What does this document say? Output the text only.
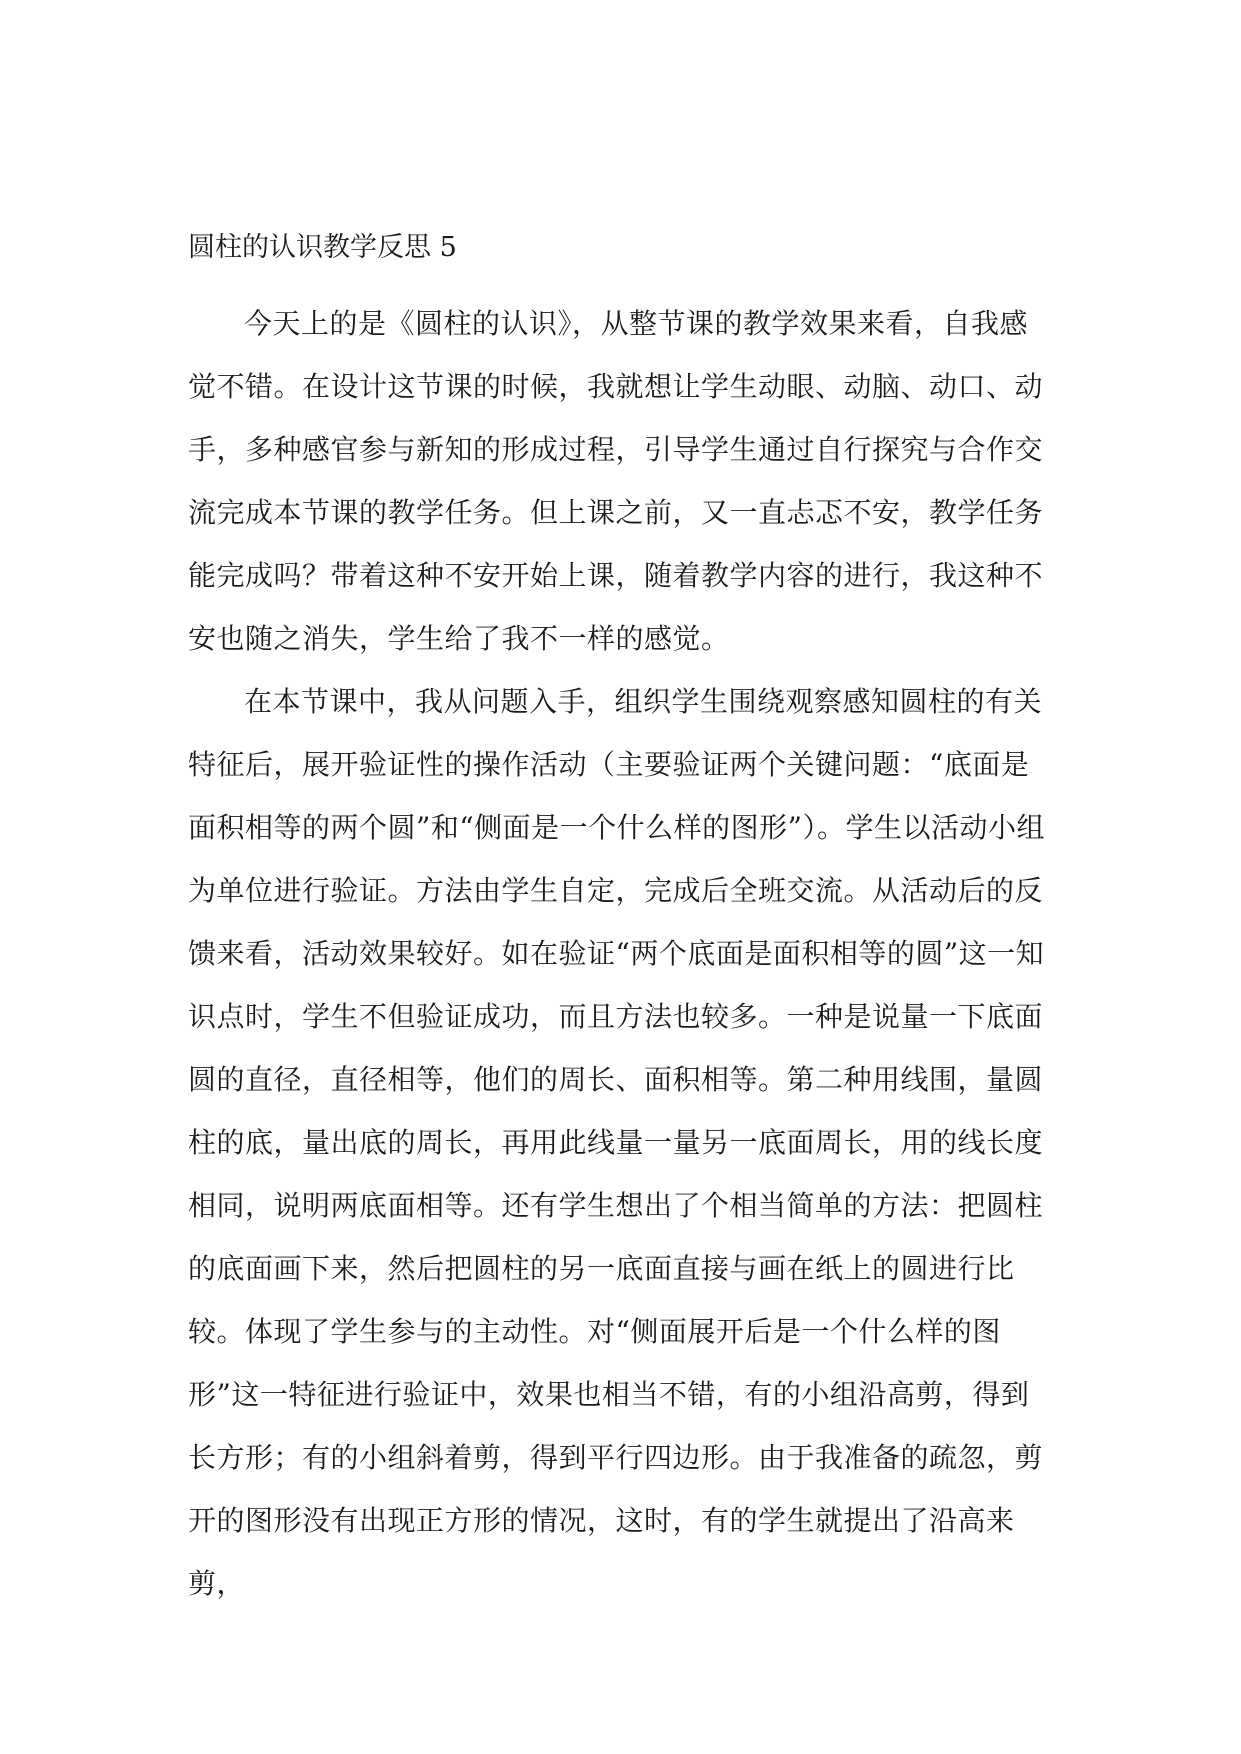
圆柱的认识教学反思 5

今天上的是《圆柱的认识》，从整节课的教学效果来看，自我感觉不错。在设计这节课的时候，我就想让学生动眼、动脑、动口、动手，多种感官参与新知的形成过程，引导学生通过自行探究与合作交流完成本节课的教学任务。但上课之前，又一直忐忑不安，教学任务能完成吗？带着这种不安开始上课，随着教学内容的进行，我这种不安也随之消失，学生给了我不一样的感觉。

在本节课中，我从问题入手，组织学生围绕观察感知圆柱的有关特征后，展开验证性的操作活动（主要验证两个关键问题：“底面是面积相等的两个圆”和“侧面是一个什么样的图形”）。学生以活动小组为单位进行验证。方法由学生自定，完成后全班交流。从活动后的反馈来看，活动效果较好。如在验证“两个底面是面积相等的圆”这一知识点时，学生不但验证成功，而且方法也较多。一种是说量一下底面圆的直径，直径相等，他们的周长、面积相等。第二种用线围，量圆柱的底，量出底的周长，再用此线量一量另一底面周长，用的线长度相同，说明两底面相等。还有学生想出了个相当简单的方法：把圆柱的底面画下来，然后把圆柱的另一底面直接与画在纸上的圆进行比较。体现了学生参与的主动性。对“侧面展开后是一个什么样的图形”这一特征进行验证中，效果也相当不错，有的小组沿高剪，得到长方形；有的小组斜着剪，得到平行四边形。由于我准备的疏忽，剪开的图形没有出现正方形的情况，这时，有的学生就提出了沿高来剪，
